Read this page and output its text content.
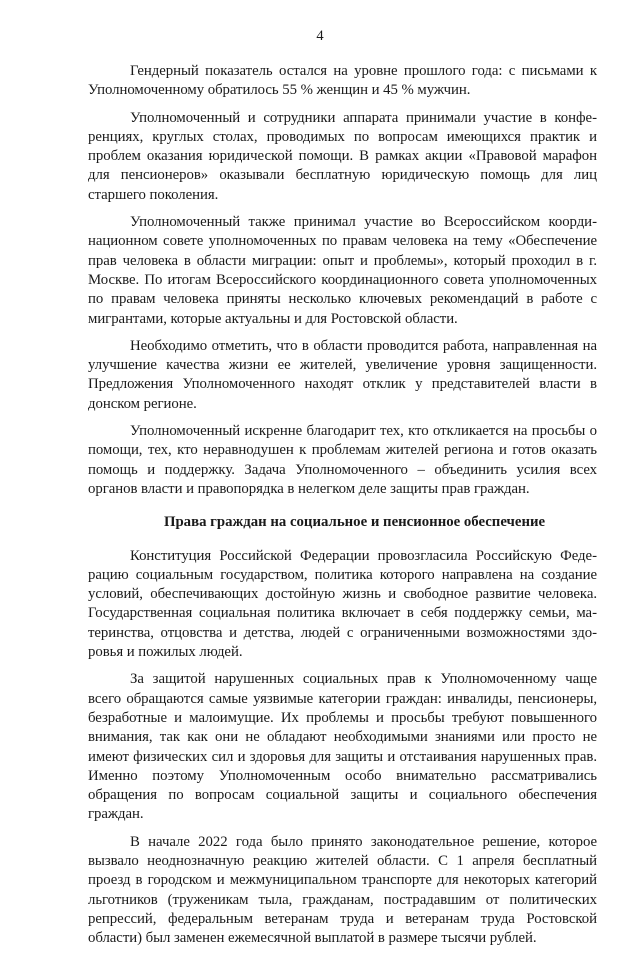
4

Гендерный показатель остался на уровне прошлого года: с письмами к Уполномоченному обратилось 55 % женщин и 45 % мужчин.

Уполномоченный и сотрудники аппарата принимали участие в конференциях, круглых столах, проводимых по вопросам имеющихся практик и проблем оказания юридической помощи. В рамках акции «Правовой марафон для пенсионеров» оказывали бесплатную юридическую помощь для лиц старшего поколения.

Уполномоченный также принимал участие во Всероссийском координационном совете уполномоченных по правам человека на тему «Обеспечение прав человека в области миграции: опыт и проблемы», который проходил в г. Москве. По итогам Всероссийского координационного совета уполномоченных по правам человека приняты несколько ключевых рекомендаций в работе с мигрантами, которые актуальны и для Ростовской области.

Необходимо отметить, что в области проводится работа, направленная на улучшение качества жизни ее жителей, увеличение уровня защищенности. Предложения Уполномоченного находят отклик у представителей власти в донском регионе.

Уполномоченный искренне благодарит тех, кто откликается на просьбы о помощи, тех, кто неравнодушен к проблемам жителей региона и готов оказать помощь и поддержку. Задача Уполномоченного – объединить усилия всех органов власти и правопорядка в нелегком деле защиты прав граждан.

Права граждан на социальное и пенсионное обеспечение

Конституция Российской Федерации провозгласила Российскую Федерацию социальным государством, политика которого направлена на создание условий, обеспечивающих достойную жизнь и свободное развитие человека. Государственная социальная политика включает в себя поддержку семьи, материнства, отцовства и детства, людей с ограниченными возможностями здоровья и пожилых людей.

За защитой нарушенных социальных прав к Уполномоченному чаще всего обращаются самые уязвимые категории граждан: инвалиды, пенсионеры, безработные и малоимущие. Их проблемы и просьбы требуют повышенного внимания, так как они не обладают необходимыми знаниями или просто не имеют физических сил и здоровья для защиты и отстаивания нарушенных прав. Именно поэтому Уполномоченным особо внимательно рассматривались обращения по вопросам социальной защиты и социального обеспечения граждан.

В начале 2022 года было принято законодательное решение, которое вызвало неоднозначную реакцию жителей области. С 1 апреля бесплатный проезд в городском и межмуниципальном транспорте для некоторых категорий льготников (труженикам тыла, гражданам, пострадавшим от политических репрессий, федеральным ветеранам труда и ветеранам труда Ростовской области) был заменен ежемесячной выплатой в размере тысячи рублей.
